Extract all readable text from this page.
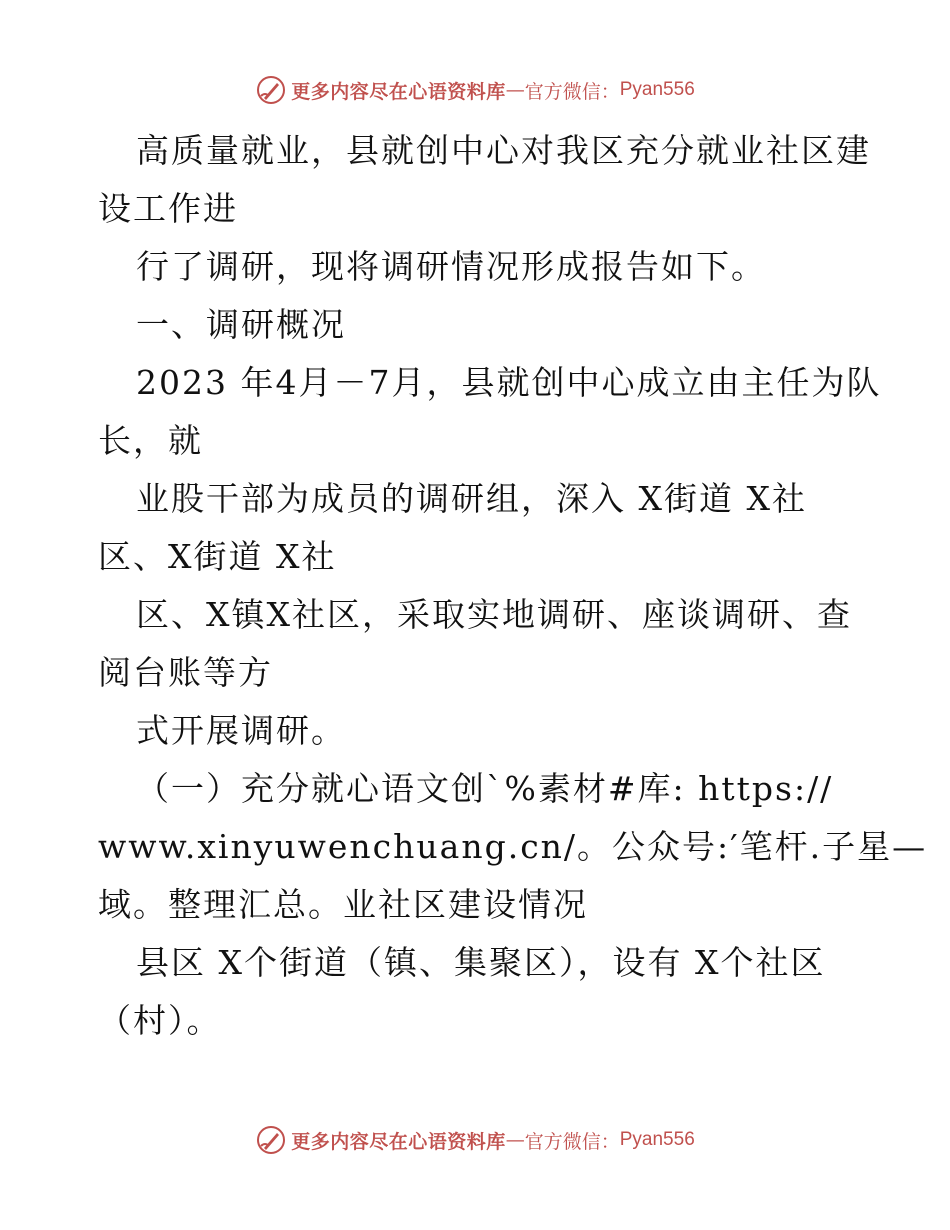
更多内容尽在心语资料库 — 官方微信： Pyan556
高质量就业，县就创中心对我区充分就业社区建
设工作进
行了调研，现将调研情况形成报告如下。
一、调研概况
2023 年4月－7月，县就创中心成立由主任为队
长，就
业股干部为成员的调研组，深入 X街道 X社
区、X街道 X社
区、X镇X社区，采取实地调研、座谈调研、查
阅台账等方
式开展调研。
（一）充分就心语文创`%素材#库: https://
www.xinyuwenchuang.cn/。公众号:′笔杆.子星—
域。整理汇总。业社区建设情况
县区 X个街道（镇、集聚区），设有 X个社区
（村）。
更多内容尽在心语资料库 — 官方微信： Pyan556
